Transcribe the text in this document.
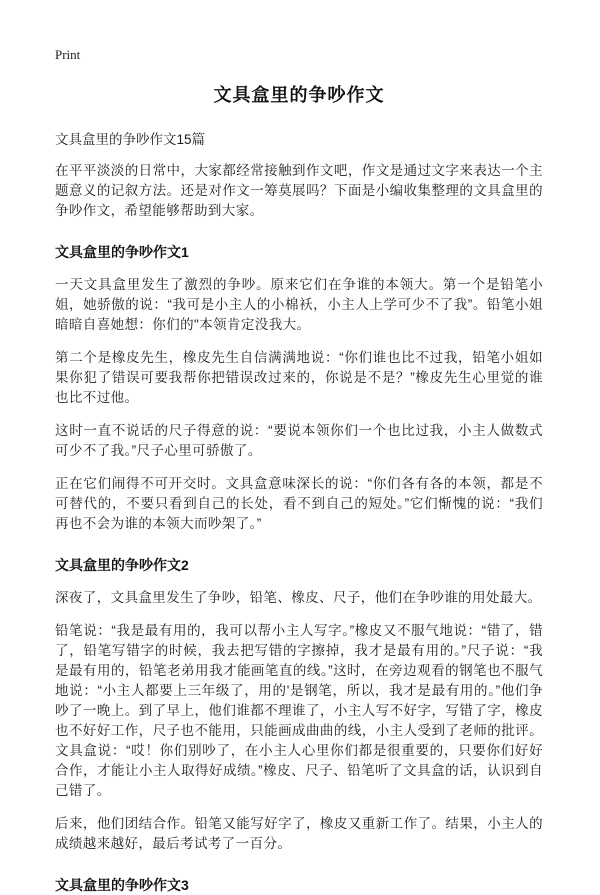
Print
文具盒里的争吵作文
文具盒里的争吵作文15篇

在平平淡淡的日常中，大家都经常接触到作文吧，作文是通过文字来表达一个主题意义的记叙方法。还是对作文一筹莫展吗？下面是小编收集整理的文具盒里的争吵作文，希望能够帮助到大家。

文具盒里的争吵作文1

一天文具盒里发生了激烈的争吵。原来它们在争谁的本领大。第一个是铅笔小姐，她骄傲的说：“我可是小主人的小棉袄，小主人上学可少不了我”。铅笔小姐暗暗自喜她想：你们的"本领肯定没我大。

第二个是橡皮先生，橡皮先生自信满满地说：“你们谁也比不过我，铅笔小姐如果你犯了错误可要我帮你把错误改过来的，你说是不是？”橡皮先生心里觉的谁也比不过他。

这时一直不说话的尺子得意的说：“要说本领你们一个也比过我，小主人做数式可少不了我。”尺子心里可骄傲了。

正在它们闹得不可开交时。文具盒意味深长的说：“你们各有各的本领，都是不可替代的，不要只看到自己的长处，看不到自己的短处。”它们惭愧的说：“我们再也不会为谁的本领大而吵架了。”

文具盒里的争吵作文2

深夜了，文具盒里发生了争吵，铅笔、橡皮、尺子，他们在争吵谁的用处最大。

铅笔说：“我是最有用的，我可以帮小主人写字。”橡皮又不服气地说：“错了，错了，铅笔写错字的时候，我去把写错的字擦掉，我才是最有用的。”尺子说：“我是最有用的，铅笔老弟用我才能画笔直的线。”这时，在旁边观看的钢笔也不服气地说：“小主人都要上三年级了，用的'是钢笔，所以，我才是最有用的。”他们争吵了一晚上。到了早上，他们谁都不理谁了，小主人写不好字，写错了字，橡皮也不好好工作，尺子也不能用，只能画成曲曲的线，小主人受到了老师的批评。文具盒说：“哎！你们别吵了，在小主人心里你们都是很重要的，只要你们好好合作，才能让小主人取得好成绩。”橡皮、尺子、铅笔听了文具盒的话，认识到自己错了。

后来，他们团结合作。铅笔又能写好字了，橡皮又重新工作了。结果，小主人的成绩越来越好，最后考试考了一百分。

文具盒里的争吵作文3
